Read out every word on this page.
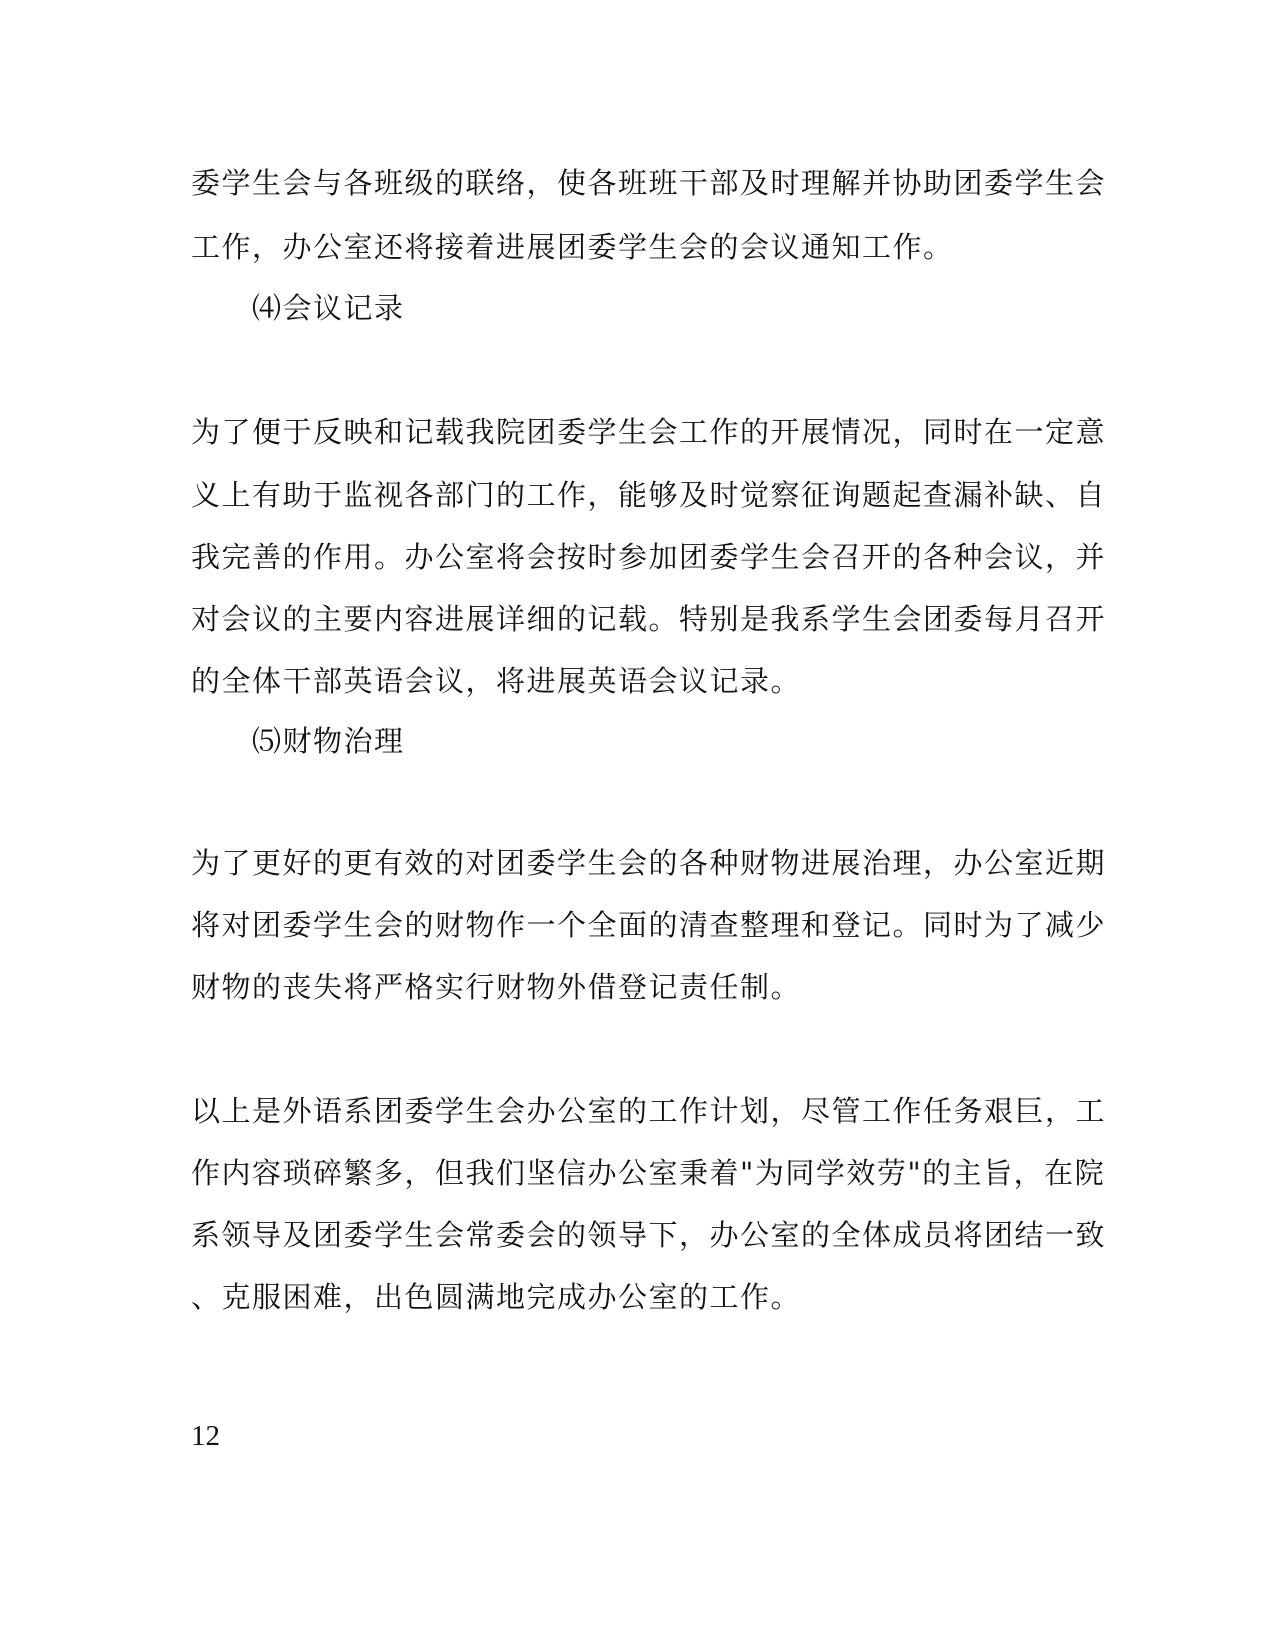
委学生会与各班级的联络，使各班班干部及时理解并协助团委学生会
工作，办公室还将接着进展团委学生会的会议通知工作。
⑷会议记录
为了便于反映和记载我院团委学生会工作的开展情况，同时在一定意
义上有助于监视各部门的工作，能够及时觉察征询题起查漏补缺、自
我完善的作用。办公室将会按时参加团委学生会召开的各种会议，并
对会议的主要内容进展详细的记载。特别是我系学生会团委每月召开
的全体干部英语会议，将进展英语会议记录。
⑸财物治理
为了更好的更有效的对团委学生会的各种财物进展治理，办公室近期
将对团委学生会的财物作一个全面的清查整理和登记。同时为了减少
财物的丧失将严格实行财物外借登记责任制。
以上是外语系团委学生会办公室的工作计划，尽管工作任务艰巨，工
作内容琐碎繁多，但我们坚信办公室秉着"为同学效劳"的主旨，在院
系领导及团委学生会常委会的领导下，办公室的全体成员将团结一致
、克服困难，出色圆满地完成办公室的工作。
12
